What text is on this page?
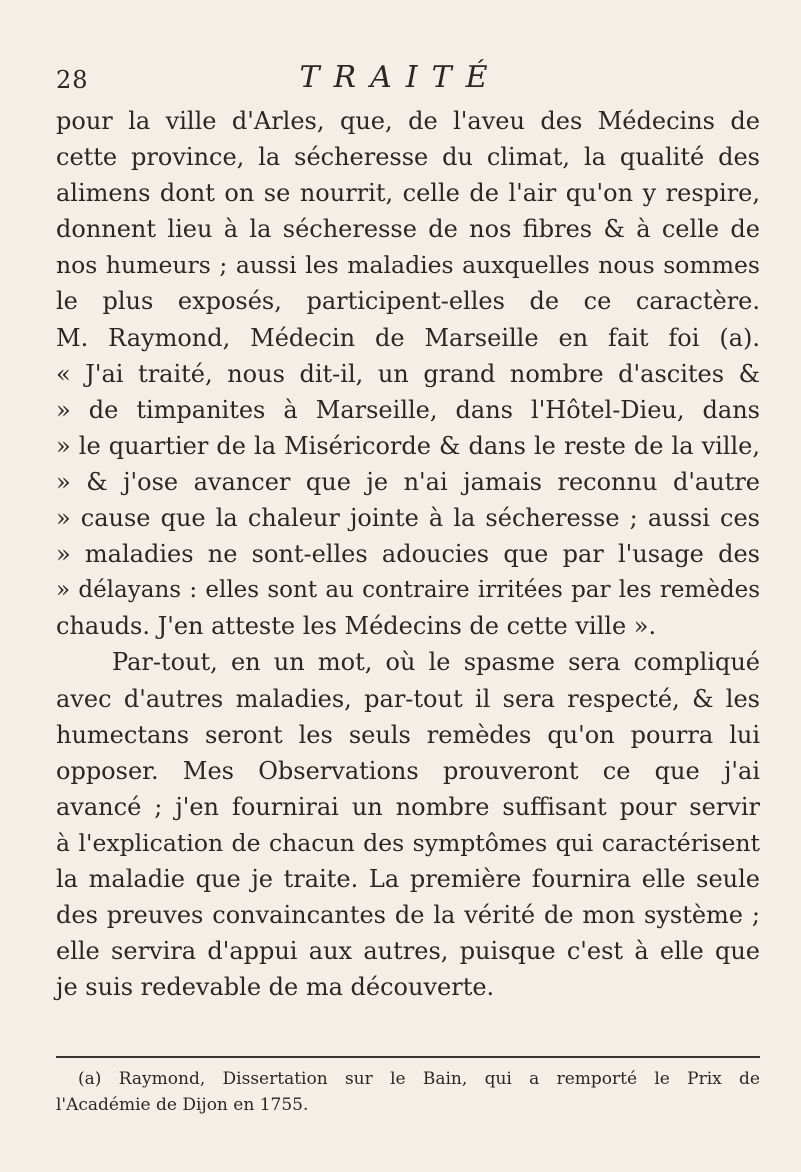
28	TRAITÉ
pour la ville d'Arles, que, de l'aveu des Médecins de
cette province, la sécheresse du climat, la qualité des
alimens dont on se nourrit, celle de l'air qu'on y respire,
donnent lieu à la sécheresse de nos fibres & à celle de
nos humeurs ; aussi les maladies auxquelles nous sommes
le plus exposés, participent-elles de ce caractère.
M. Raymond, Médecin de Marseille en fait foi (a).
« J'ai traité, nous dit-il, un grand nombre d'ascites &
» de timpanites à Marseille, dans l'Hôtel-Dieu, dans
» le quartier de la Miséricorde & dans le reste de la ville,
» & j'ose avancer que je n'ai jamais reconnu d'autre
» cause que la chaleur jointe à la sécheresse ; aussi ces
» maladies ne sont-elles adoucies que par l'usage des
» délayans : elles sont au contraire irritées par les remèdes
chauds. J'en atteste les Médecins de cette ville ».
Par-tout, en un mot, où le spasme sera compliqué
avec d'autres maladies, par-tout il sera respecté, & les
humectans seront les seuls remèdes qu'on pourra lui
opposer. Mes Observations prouveront ce que j'ai
avancé ; j'en fournirai un nombre suffisant pour servir
à l'explication de chacun des symptômes qui caractérisent
la maladie que je traite. La première fournira elle seule
des preuves convaincantes de la vérité de mon système ;
elle servira d'appui aux autres, puisque c'est à elle que
je suis redevable de ma découverte.
(a) Raymond, Dissertation sur le Bain, qui a remporté le Prix de
l'Académie de Dijon en 1755.
